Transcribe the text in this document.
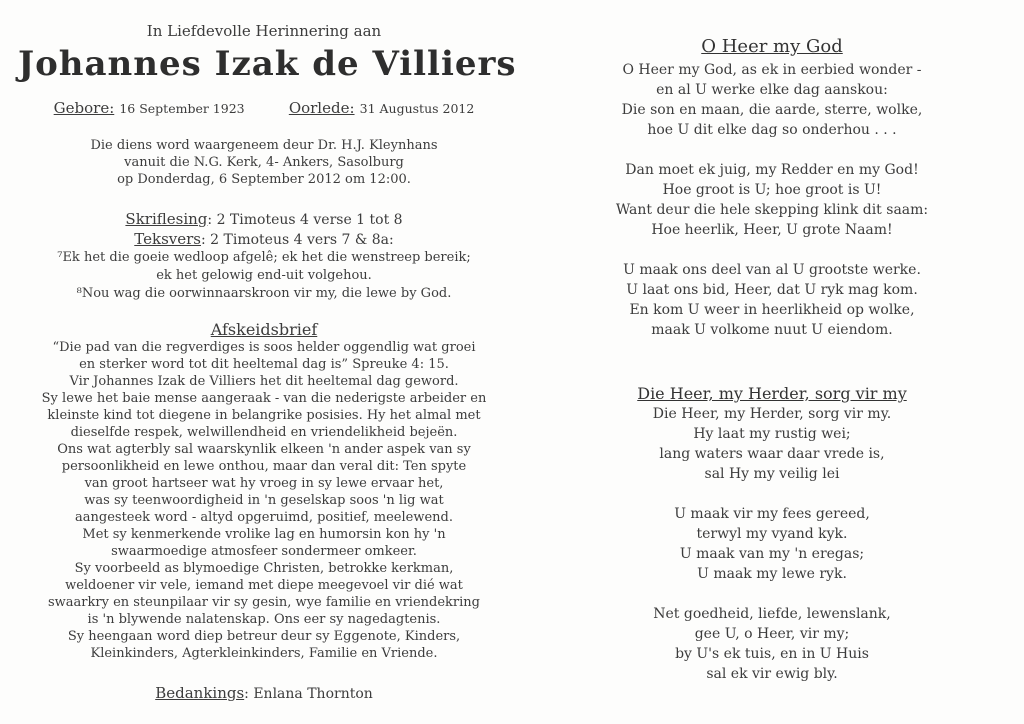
In Liefdevolle Herinnering aan
Johannes Izak de Villiers
Gebore: 16 September 1923	Oorlede: 31 Augustus 2012
Die diens word waargeneem deur Dr. H.J. Kleynhans
vanuit die N.G. Kerk, 4- Ankers, Sasolburg
op Donderdag, 6 September 2012 om 12:00.
Skriflesing: 2 Timoteus 4 verse 1 tot 8
Teksvers: 2 Timoteus 4 vers 7 & 8a:
⁷Ek het die goeie wedloop afgelê; ek het die wenstreep bereik;
ek het gelowig end-uit volgehou.
⁸Nou wag die oorwinnaarskroon vir my, die lewe by God.
Afskeidsbrief
“Die pad van die regverdiges is soos helder oggendlig wat groei
en sterker word tot dit heeltemal dag is” Spreuke 4: 15.
Vir Johannes Izak de Villiers het dit heeltemal dag geword.
Sy lewe het baie mense aangeraak - van die nederigste arbeider en
kleinste kind tot diegene in belangrike posisies. Hy het almal met
dieselfde respek, welwillendheid en vriendelikheid bejeën.
Ons wat agterbly sal waarskynlik elkeen 'n ander aspek van sy
persoonlikheid en lewe onthou, maar dan veral dit: Ten spyte
van groot hartseer wat hy vroeg in sy lewe ervaar het,
was sy teenwoordigheid in 'n geselskap soos 'n lig wat
aangesteek word - altyd opgeruimd, positief, meelewend.
Met sy kenmerkende vrolike lag en humorsin kon hy 'n
swaarmoedige atmosfeer sondermeer omkeer.
Sy voorbeeld as blymoedige Christen, betrokke kerkman,
weldoener vir vele, iemand met diepe meegevoel vir dié wat
swaarkry en steunpilaar vir sy gesin, wye familie en vriendekring
is 'n blywende nalatenskap. Ons eer sy nagedagtenis.
Sy heengaan word diep betreur deur sy Eggenote, Kinders,
Kleinkinders, Agterkleinkinders, Familie en Vriende.
Bedankings: Enlana Thornton
O Heer my God
O Heer my God, as ek in eerbied wonder -
en al U werke elke dag aanskou:
Die son en maan, die aarde, sterre, wolke,
hoe U dit elke dag so onderhou . . .
Dan moet ek juig, my Redder en my God!
Hoe groot is U; hoe groot is U!
Want deur die hele skepping klink dit saam:
Hoe heerlik, Heer, U grote Naam!
U maak ons deel van al U grootste werke.
U laat ons bid, Heer, dat U ryk mag kom.
En kom U weer in heerlikheid op wolke,
maak U volkome nuut U eiendom.
Die Heer, my Herder, sorg vir my
Die Heer, my Herder, sorg vir my.
Hy laat my rustig wei;
lang waters waar daar vrede is,
sal Hy my veilig lei
U maak vir my fees gereed,
terwyl my vyand kyk.
U maak van my 'n eregas;
U maak my lewe ryk.
Net goedheid, liefde, lewenslank,
gee U, o Heer, vir my;
by U's ek tuis, en in U Huis
sal ek vir ewig bly.
